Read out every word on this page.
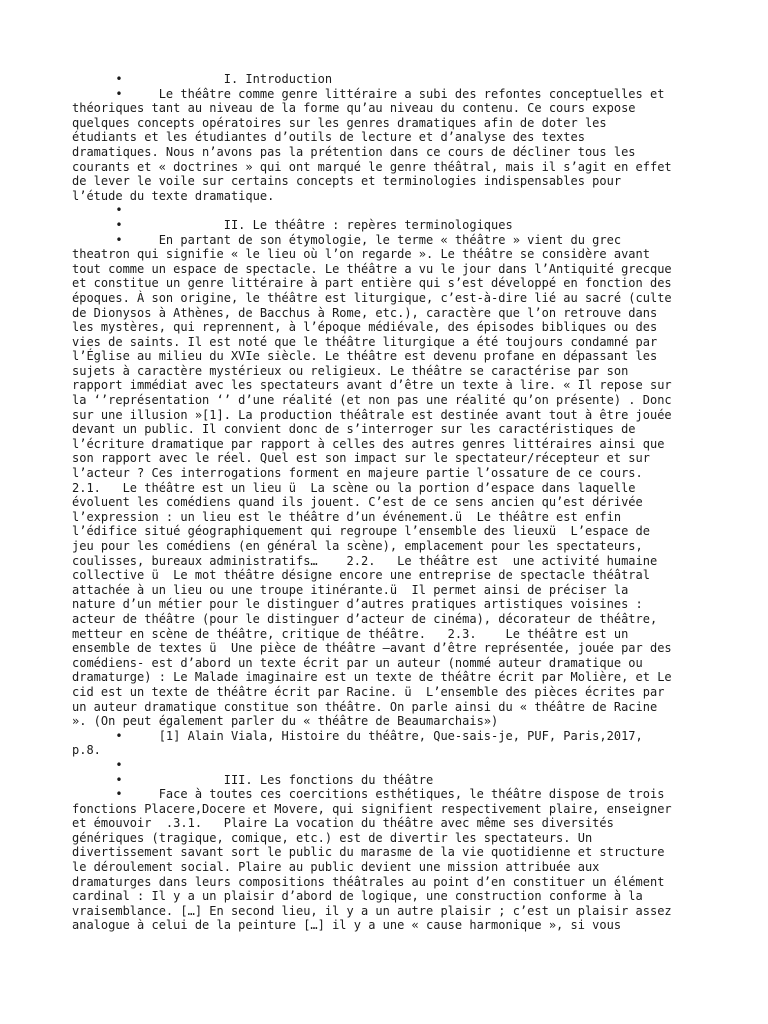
•              I. Introduction
•     Le théâtre comme genre littéraire a subi des refontes conceptuelles et
théoriques tant au niveau de la forme qu’au niveau du contenu. Ce cours expose
quelques concepts opératoires sur les genres dramatiques afin de doter les
étudiants et les étudiantes d’outils de lecture et d’analyse des textes
dramatiques. Nous n’avons pas la prétention dans ce cours de décliner tous les
courants et « doctrines » qui ont marqué le genre théâtral, mais il s’agit en effet
de lever le voile sur certains concepts et terminologies indispensables pour
l’étude du texte dramatique.
•
•              II. Le théâtre : repères terminologiques
•     En partant de son étymologie, le terme « théâtre » vient du grec
theatron qui signifie « le lieu où l’on regarde ». Le théâtre se considère avant
tout comme un espace de spectacle. Le théâtre a vu le jour dans l’Antiquité grecque
et constitue un genre littéraire à part entière qui s’est développé en fonction des
époques. À son origine, le théâtre est liturgique, c’est-à-dire lié au sacré (culte
de Dionysos à Athènes, de Bacchus à Rome, etc.), caractère que l’on retrouve dans
les mystères, qui reprennent, à l’époque médiévale, des épisodes bibliques ou des
vies de saints. Il est noté que le théâtre liturgique a été toujours condamné par
l’Église au milieu du XVIe siècle. Le théâtre est devenu profane en dépassant les
sujets à caractère mystérieux ou religieux. Le théâtre se caractérise par son
rapport immédiat avec les spectateurs avant d’être un texte à lire. « Il repose sur
la ‘’représentation ‘’ d’une réalité (et non pas une réalité qu’on présente) . Donc
sur une illusion »[1]. La production théâtrale est destinée avant tout à être jouée
devant un public. Il convient donc de s’interroger sur les caractéristiques de
l’écriture dramatique par rapport à celles des autres genres littéraires ainsi que
son rapport avec le réel. Quel est son impact sur le spectateur/récepteur et sur
l’acteur ? Ces interrogations forment en majeure partie l’ossature de ce cours.
2.1.   Le théâtre est un lieu ü  La scène ou la portion d’espace dans laquelle
évoluent les comédiens quand ils jouent. C’est de ce sens ancien qu’est dérivée
l’expression : un lieu est le théâtre d’un événement.ü  Le théâtre est enfin
l’édifice situé géographiquement qui regroupe l’ensemble des lieuxü  L’espace de
jeu pour les comédiens (en général la scène), emplacement pour les spectateurs,
coulisses, bureaux administratifs…    2.2.   Le théâtre est  une activité humaine
collective ü  Le mot théâtre désigne encore une entreprise de spectacle théâtral
attachée à un lieu ou une troupe itinérante.ü  Il permet ainsi de préciser la
nature d’un métier pour le distinguer d’autres pratiques artistiques voisines :
acteur de théâtre (pour le distinguer d’acteur de cinéma), décorateur de théâtre,
metteur en scène de théâtre, critique de théâtre.   2.3.    Le théâtre est un
ensemble de textes ü  Une pièce de théâtre –avant d’être représentée, jouée par des
comédiens- est d’abord un texte écrit par un auteur (nommé auteur dramatique ou
dramaturge) : Le Malade imaginaire est un texte de théâtre écrit par Molière, et Le
cid est un texte de théâtre écrit par Racine. ü  L’ensemble des pièces écrites par
un auteur dramatique constitue son théâtre. On parle ainsi du « théâtre de Racine
». (On peut également parler du « théâtre de Beaumarchais»)
•     [1] Alain Viala, Histoire du théâtre, Que-sais-je, PUF, Paris,2017,
p.8.
•
•              III. Les fonctions du théâtre
•     Face à toutes ces coercitions esthétiques, le théâtre dispose de trois
fonctions Placere,Docere et Movere, qui signifient respectivement plaire, enseigner
et émouvoir  .3.1.   Plaire La vocation du théâtre avec même ses diversités
génériques (tragique, comique, etc.) est de divertir les spectateurs. Un
divertissement savant sort le public du marasme de la vie quotidienne et structure
le déroulement social. Plaire au public devient une mission attribuée aux
dramaturges dans leurs compositions théâtrales au point d’en constituer un élément
cardinal : Il y a un plaisir d’abord de logique, une construction conforme à la
vraisemblance. […] En second lieu, il y a un autre plaisir ; c’est un plaisir assez
analogue à celui de la peinture […] il y a une « cause harmonique », si vous
